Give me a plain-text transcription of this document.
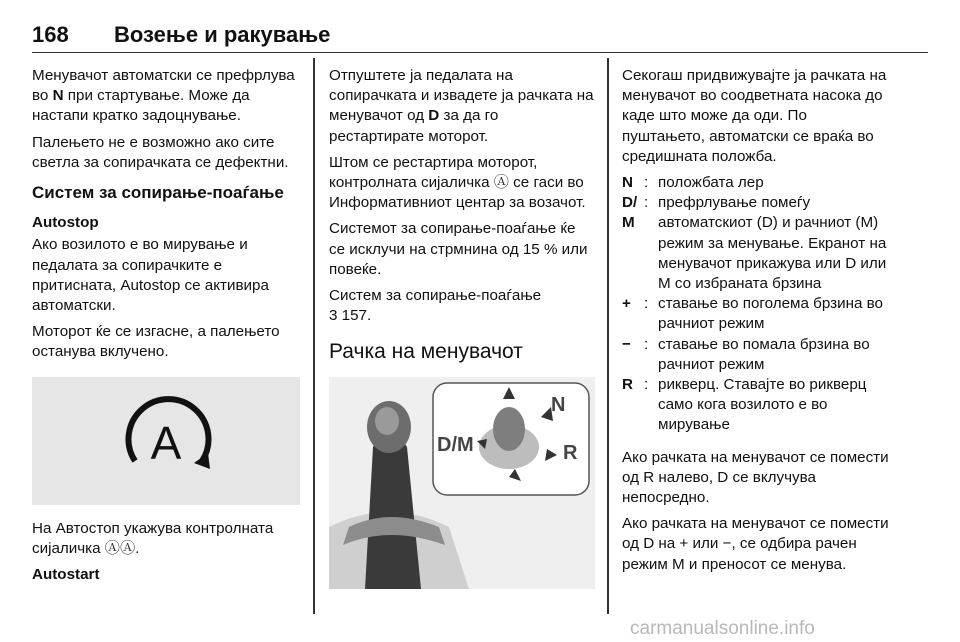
168 Возење и ракување

Менувачот автоматски се префрлува во N при стартување. Може да настапи кратко задоцнување.

Палењето не е возможно ако сите светла за сопирачката се дефектни.

Систем за сопирање-поаѓање
Autostop

Ако возилото е во мирување и педалата за сопирачките е притисната, Autostop се активира автоматски.

Моторот ќе се изгасне, а палењето останува вклучено.

A

На Автостоп укажува контролната сијаличка ⒶⒶ.

Autostart

Отпуштете ја педалата на сопирачката и извадете ја рачката на менувачот од D за да го рестартирате моторот.

Штом се рестартира моторот, контролната сијаличка Ⓐ се гаси во Информативниот центар за возачот.

Системот за сопирање-поаѓање ќе се исклучи на стрмнина од 15 % или повеќе.

Систем за сопирање-поаѓање
3 157.

Рачка на менувачот
D/M
N
R

Секогаш придвижувајте ја рачката на менувачот во соодветната насока до каде што може да оди. По пуштањето, автоматски се враќа во средишната положба.

N : положбата лер
D/
M
: префрлување помеѓу автоматскиот (D) и рачниот (M) режим за менување. Екранот на менувачот прикажува или D или M со избраната брзина
+ : ставање во поголема брзина во рачниот режим
− : ставање во помала брзина во рачниот режим
R : рикверц. Ставајте во рикверц само кога возилото е во мирување

Ако рачката на менувачот се помести од R налево, D се вклучува непосредно.

Ако рачката на менувачот се помести од D на + или −, се одбира рачен режим M и преносот се менува.

carmanualsonline.info
